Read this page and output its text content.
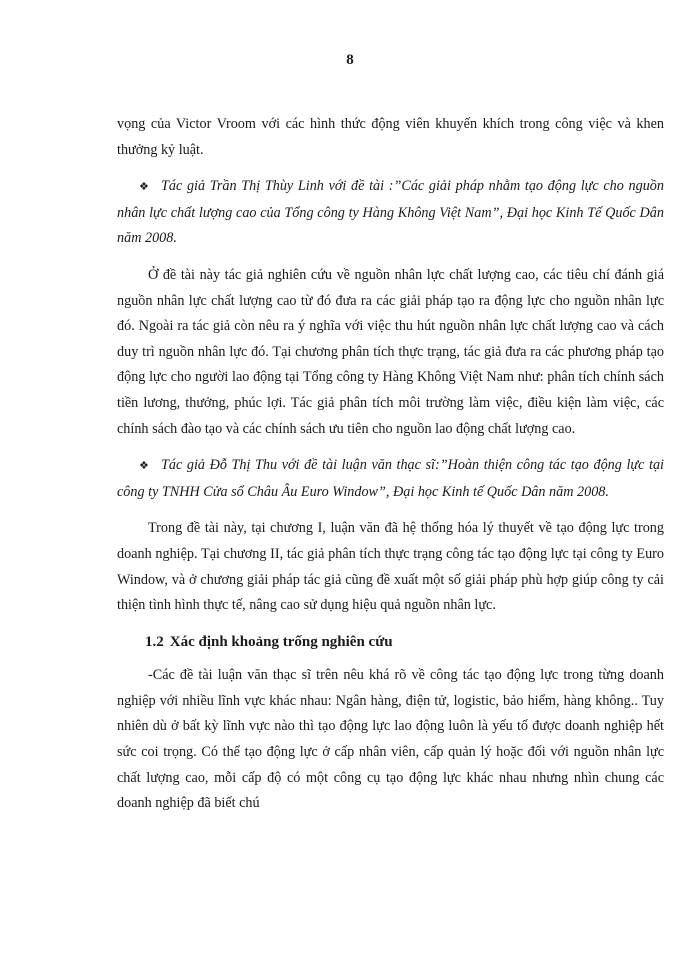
8

vọng của Victor Vroom với các hình thức động viên khuyến khích trong công việc và khen thưởng kỷ luật.

❖ Tác giả Trần Thị Thùy Linh với đề tài :”Các giải pháp nhằm tạo động lực cho nguồn nhân lực chất lượng cao của Tổng công ty Hàng Không Việt Nam”, Đại học Kinh Tế Quốc Dân năm 2008.

Ở đề tài này tác giả nghiên cứu về nguồn nhân lực chất lượng cao, các tiêu chí đánh giá nguồn nhân lực chất lượng cao từ đó đưa ra các giải pháp tạo ra động lực cho nguồn nhân lực đó. Ngoài ra tác giả còn nêu ra ý nghĩa với việc thu hút nguồn nhân lực chất lượng cao và cách duy trì nguồn nhân lực đó. Tại chương phân tích thực trạng, tác giả đưa ra các phương pháp tạo động lực cho người lao động tại Tổng công ty Hàng Không Việt Nam như: phân tích chính sách tiền lương, thưởng, phúc lợi. Tác giả phân tích môi trường làm việc, điều kiện làm việc, các chính sách đào tạo và các chính sách ưu tiên cho nguồn lao động chất lượng cao.

❖ Tác giả Đỗ Thị Thu với đề tài luận văn thạc sĩ:”Hoàn thiện công tác tạo động lực tại công ty TNHH Cửa sổ Châu Âu Euro Window”, Đại học Kinh tế Quốc Dân năm 2008.

Trong đề tài này, tại chương I, luận văn đã hệ thống hóa lý thuyết về tạo động lực trong doanh nghiệp. Tại chương II, tác giả phân tích thực trạng công tác tạo động lực tại công ty Euro Window, và ở chương giải pháp tác giả cũng đề xuất một số giải pháp phù hợp giúp công ty cải thiện tình hình thực tế, nâng cao sử dụng hiệu quả nguồn nhân lực.

1.2 Xác định khoảng trống nghiên cứu

-Các đề tài luận văn thạc sĩ trên nêu khá rõ về công tác tạo động lực trong từng doanh nghiệp với nhiều lĩnh vực khác nhau: Ngân hàng, điện tử, logistic, bảo hiểm, hàng không.. Tuy nhiên dù ở bất kỳ lĩnh vực nào thì tạo động lực lao động luôn là yếu tố được doanh nghiệp hết sức coi trọng. Có thể tạo động lực ở cấp nhân viên, cấp quản lý hoặc đối với nguồn nhân lực chất lượng cao, mỗi cấp độ có một công cụ tạo động lực khác nhau nhưng nhìn chung các doanh nghiệp đã biết chú
